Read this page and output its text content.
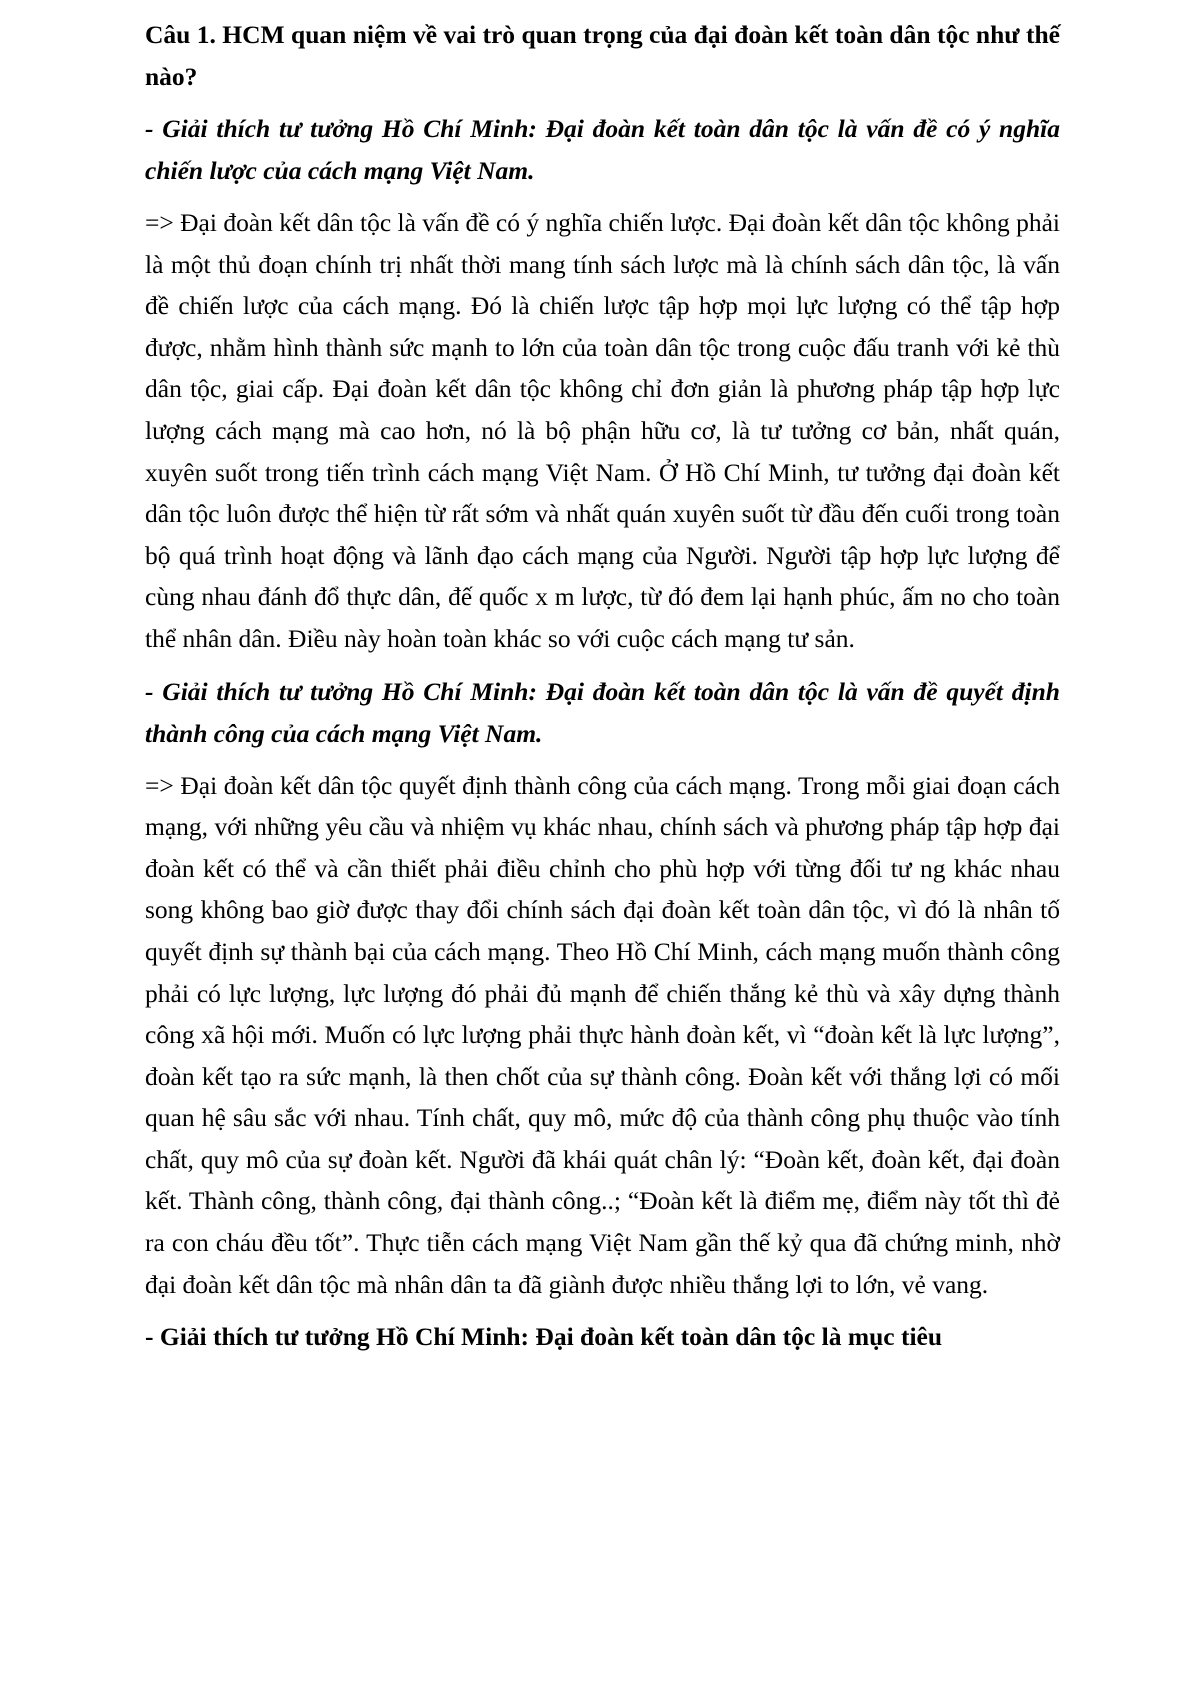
Câu 1. HCM quan niệm về vai trò quan trọng của đại đoàn kết toàn dân tộc như thế nào?

- Giải thích tư tưởng Hồ Chí Minh: Đại đoàn kết toàn dân tộc là vấn đề có ý nghĩa chiến lược của cách mạng Việt Nam.

=> Đại đoàn kết dân tộc là vấn đề có ý nghĩa chiến lược. Đại đoàn kết dân tộc không phải là một thủ đoạn chính trị nhất thời mang tính sách lược mà là chính sách dân tộc, là vấn đề chiến lược của cách mạng. Đó là chiến lược tập hợp mọi lực lượng có thể tập hợp được, nhằm hình thành sức mạnh to lớn của toàn dân tộc trong cuộc đấu tranh với kẻ thù dân tộc, giai cấp. Đại đoàn kết dân tộc không chỉ đơn giản là phương pháp tập hợp lực lượng cách mạng mà cao hơn, nó là bộ phận hữu cơ, là tư tưởng cơ bản, nhất quán, xuyên suốt trong tiến trình cách mạng Việt Nam. Ở Hồ Chí Minh, tư tưởng đại đoàn kết dân tộc luôn được thể hiện từ rất sớm và nhất quán xuyên suốt từ đầu đến cuối trong toàn bộ quá trình hoạt động và lãnh đạo cách mạng của Người. Người tập hợp lực lượng để cùng nhau đánh đổ thực dân, đế quốc x m lược, từ đó đem lại hạnh phúc, ấm no cho toàn thể nhân dân. Điều này hoàn toàn khác so với cuộc cách mạng tư sản.

- Giải thích tư tưởng Hồ Chí Minh: Đại đoàn kết toàn dân tộc là vấn đề quyết định thành công của cách mạng Việt Nam.

=> Đại đoàn kết dân tộc quyết định thành công của cách mạng. Trong mỗi giai đoạn cách mạng, với những yêu cầu và nhiệm vụ khác nhau, chính sách và phương pháp tập hợp đại đoàn kết có thể và cần thiết phải điều chỉnh cho phù hợp với từng đối tư ng khác nhau song không bao giờ được thay đổi chính sách đại đoàn kết toàn dân tộc, vì đó là nhân tố quyết định sự thành bại của cách mạng. Theo Hồ Chí Minh, cách mạng muốn thành công phải có lực lượng, lực lượng đó phải đủ mạnh để chiến thắng kẻ thù và xây dựng thành công xã hội mới. Muốn có lực lượng phải thực hành đoàn kết, vì “đoàn kết là lực lượng”, đoàn kết tạo ra sức mạnh, là then chốt của sự thành công. Đoàn kết với thắng lợi có mối quan hệ sâu sắc với nhau. Tính chất, quy mô, mức độ của thành công phụ thuộc vào tính chất, quy mô của sự đoàn kết. Người đã khái quát chân lý: “Đoàn kết, đoàn kết, đại đoàn kết. Thành công, thành công, đại thành công..; “Đoàn kết là điểm mẹ, điểm này tốt thì đẻ ra con cháu đều tốt”. Thực tiễn cách mạng Việt Nam gần thế kỷ qua đã chứng minh, nhờ đại đoàn kết dân tộc mà nhân dân ta đã giành được nhiều thắng lợi to lớn, vẻ vang.

- Giải thích tư tưởng Hồ Chí Minh: Đại đoàn kết toàn dân tộc là mục tiêu
